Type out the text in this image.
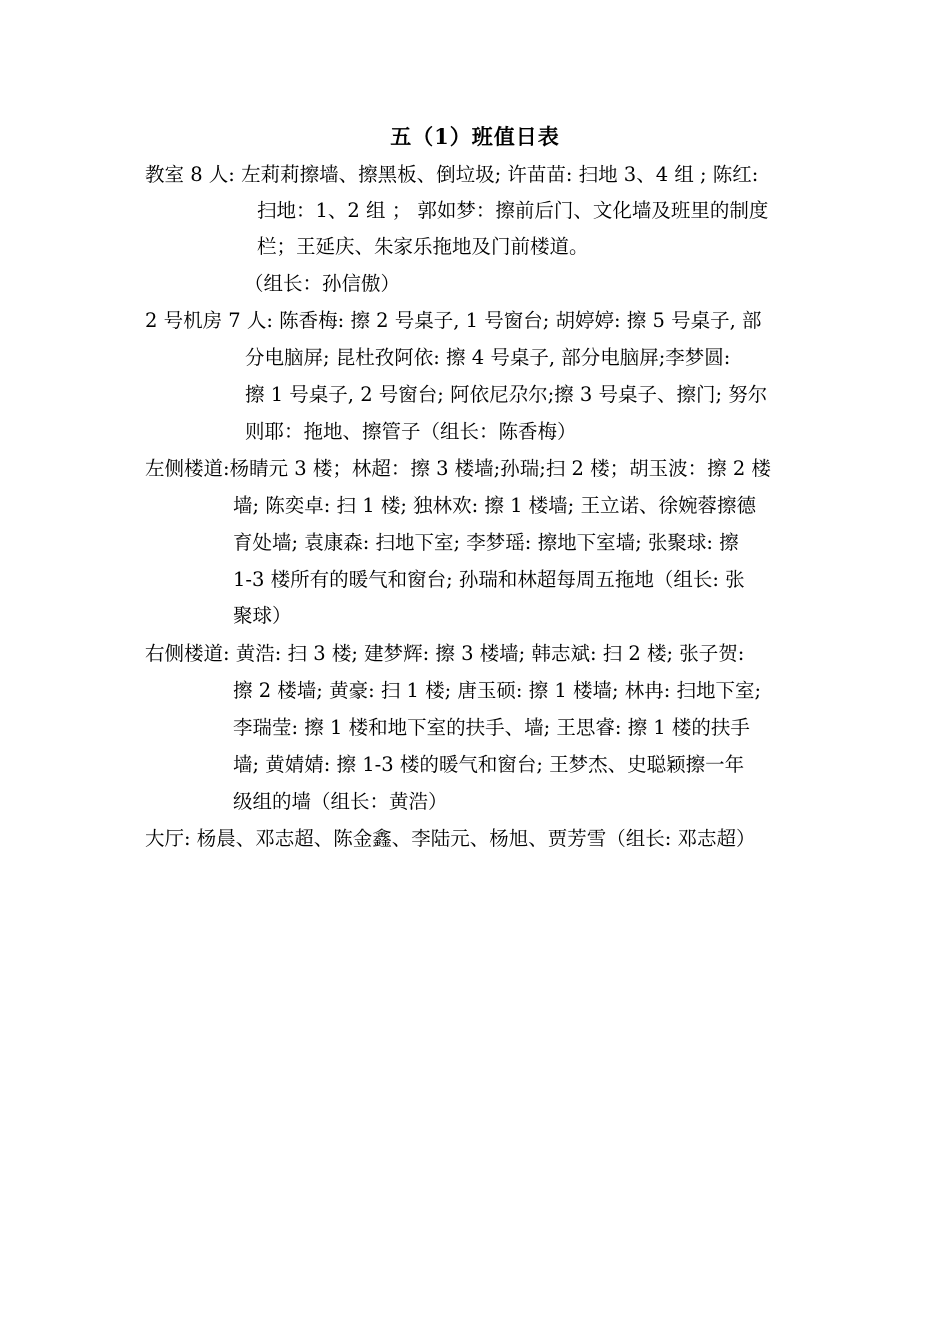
五（1）班值日表
教室 8 人: 左莉莉擦墙、擦黑板、倒垃圾; 许苗苗: 扫地 3、4 组 ; 陈红:
扫地：1、2 组 ； 郭如梦：擦前后门、文化墙及班里的制度
栏；王延庆、朱家乐拖地及门前楼道。
（组长：孙信傲）
2 号机房 7 人: 陈香梅: 擦 2 号桌子, 1 号窗台; 胡婷婷: 擦 5 号桌子, 部
分电脑屏; 昆杜孜阿依: 擦 4 号桌子, 部分电脑屏;李梦圆:
擦 1 号桌子, 2 号窗台; 阿依尼尕尔;擦 3 号桌子、擦门; 努尔
则耶：拖地、擦管子（组长：陈香梅）
左侧楼道:杨睛元 3 楼；林超：擦 3 楼墙;孙瑞;扫 2 楼；胡玉波：擦 2 楼
墙; 陈奕卓: 扫 1 楼; 独林欢: 擦 1 楼墙; 王立诺、徐婉蓉擦德
育处墙; 袁康森: 扫地下室; 李梦瑶: 擦地下室墙; 张聚球: 擦
1-3 楼所有的暖气和窗台; 孙瑞和林超每周五拖地（组长: 张
聚球）
右侧楼道: 黄浩: 扫 3 楼; 建梦辉: 擦 3 楼墙; 韩志斌: 扫 2 楼; 张子贺:
擦 2 楼墙; 黄豪: 扫 1 楼; 唐玉硕: 擦 1 楼墙; 林冉: 扫地下室;
李瑞莹: 擦 1 楼和地下室的扶手、墙; 王思睿: 擦 1 楼的扶手
墙; 黄婧婧: 擦 1-3 楼的暖气和窗台; 王梦杰、史聪颖擦一年
级组的墙（组长：黄浩）
大厅: 杨晨、邓志超、陈金鑫、李陆元、杨旭、贾芳雪（组长: 邓志超）
